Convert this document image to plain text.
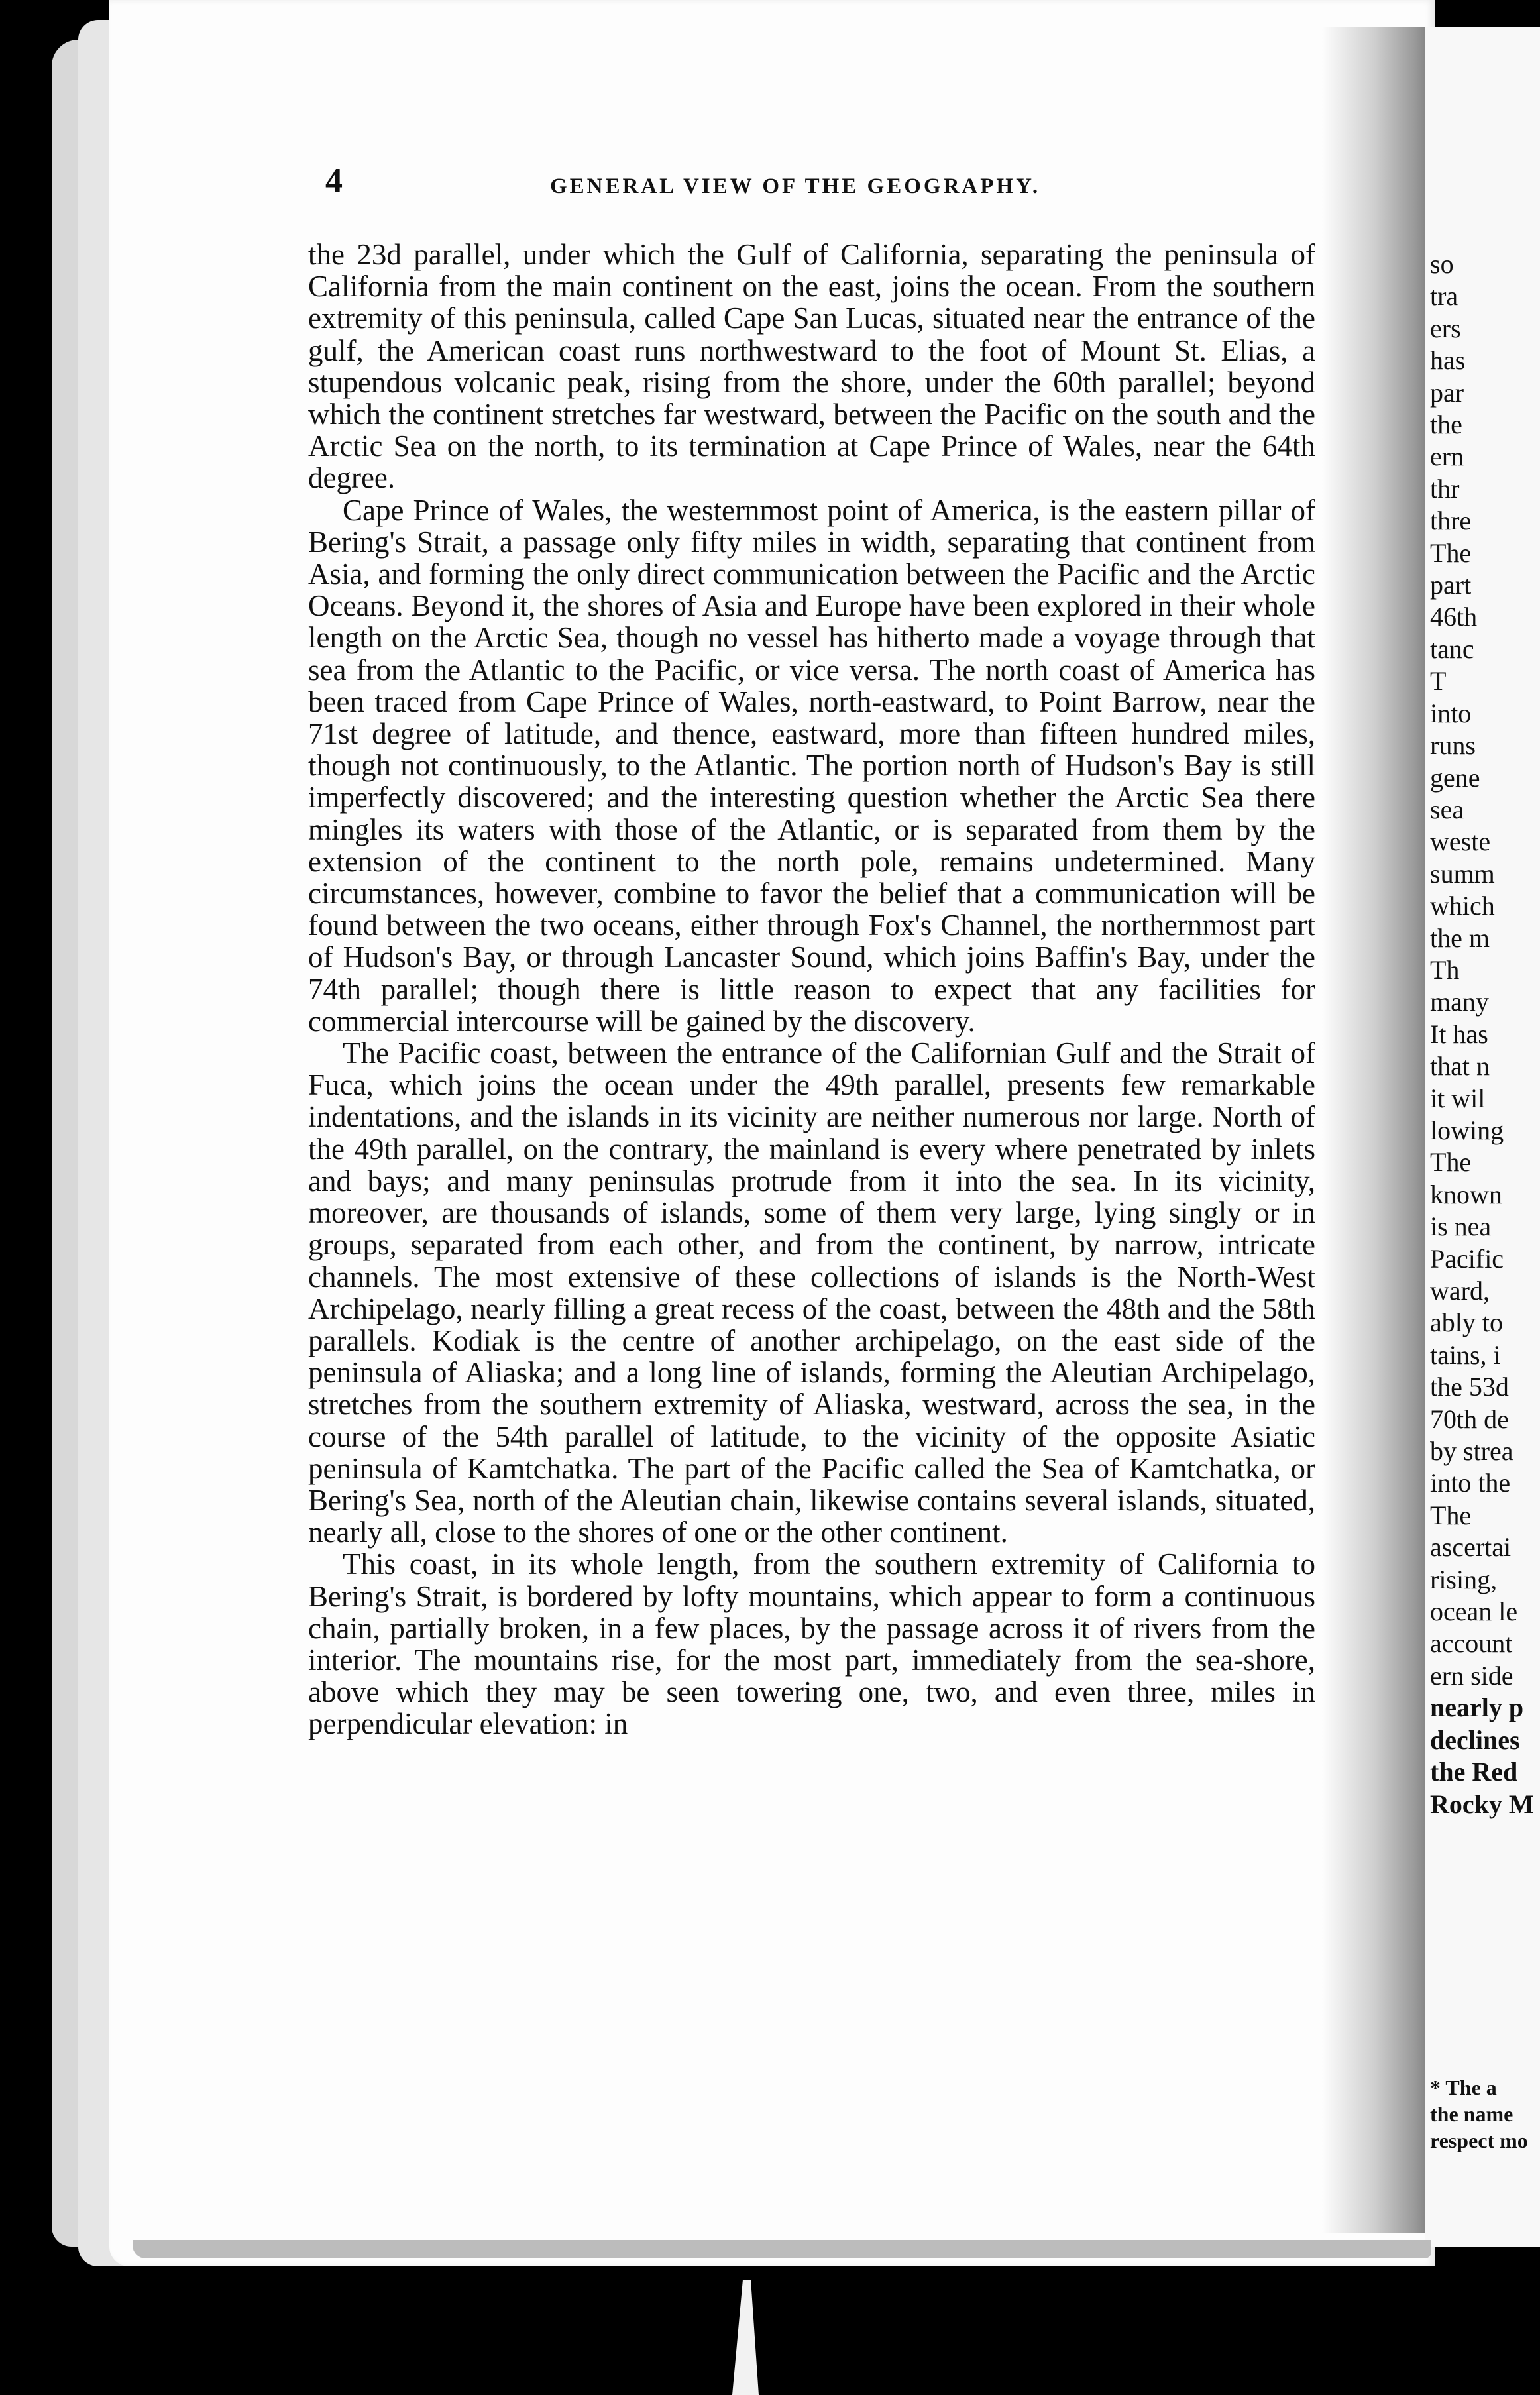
4	GENERAL VIEW OF THE GEOGRAPHY.

the 23d parallel, under which the Gulf of California, separating the peninsula of California from the main continent on the east, joins the ocean. From the southern extremity of this peninsula, called Cape San Lucas, situated near the entrance of the gulf, the American coast runs northwestward to the foot of Mount St. Elias, a stupendous volcanic peak, rising from the shore, under the 60th parallel; beyond which the continent stretches far westward, between the Pacific on the south and the Arctic Sea on the north, to its termination at Cape Prince of Wales, near the 64th degree.

Cape Prince of Wales, the westernmost point of America, is the eastern pillar of Bering's Strait, a passage only fifty miles in width, separating that continent from Asia, and forming the only direct communication between the Pacific and the Arctic Oceans. Beyond it, the shores of Asia and Europe have been explored in their whole length on the Arctic Sea, though no vessel has hitherto made a voyage through that sea from the Atlantic to the Pacific, or vice versa. The north coast of America has been traced from Cape Prince of Wales, north-eastward, to Point Barrow, near the 71st degree of latitude, and thence, eastward, more than fifteen hundred miles, though not continuously, to the Atlantic. The portion north of Hudson's Bay is still imperfectly discovered; and the interesting question whether the Arctic Sea there mingles its waters with those of the Atlantic, or is separated from them by the extension of the continent to the north pole, remains undetermined. Many circumstances, however, combine to favor the belief that a communication will be found between the two oceans, either through Fox's Channel, the northernmost part of Hudson's Bay, or through Lancaster Sound, which joins Baffin's Bay, under the 74th parallel; though there is little reason to expect that any facilities for commercial intercourse will be gained by the discovery.

The Pacific coast, between the entrance of the Californian Gulf and the Strait of Fuca, which joins the ocean under the 49th parallel, presents few remarkable indentations, and the islands in its vicinity are neither numerous nor large. North of the 49th parallel, on the contrary, the mainland is every where penetrated by inlets and bays; and many peninsulas protrude from it into the sea. In its vicinity, moreover, are thousands of islands, some of them very large, lying singly or in groups, separated from each other, and from the continent, by narrow, intricate channels. The most extensive of these collections of islands is the North-West Archipelago, nearly filling a great recess of the coast, between the 48th and the 58th parallels. Kodiak is the centre of another archipelago, on the east side of the peninsula of Aliaska; and a long line of islands, forming the Aleutian Archipelago, stretches from the southern extremity of Aliaska, westward, across the sea, in the course of the 54th parallel of latitude, to the vicinity of the opposite Asiatic peninsula of Kamtchatka. The part of the Pacific called the Sea of Kamtchatka, or Bering's Sea, north of the Aleutian chain, likewise contains several islands, situated, nearly all, close to the shores of one or the other continent.

This coast, in its whole length, from the southern extremity of California to Bering's Strait, is bordered by lofty mountains, which appear to form a continuous chain, partially broken, in a few places, by the passage across it of rivers from the interior. The mountains rise, for the most part, immediately from the sea-shore, above which they may be seen towering one, two, and even three, miles in perpendicular elevation: in

so
tra
ers
has
par
the
ern
thr
thre
The
part
46th
tanc
T
into
runs
gene
sea
weste
summ
which
the m
Th
many
It has
that n
it wil
lowing
The
known
is nea
Pacific
ward,
ably to
tains, i
the 53d
70th de
by strea
into the
The
ascertai
rising,
ocean le
account
ern side
nearly p
declines
the Red
Rocky M
* The a
the name
respect mo
